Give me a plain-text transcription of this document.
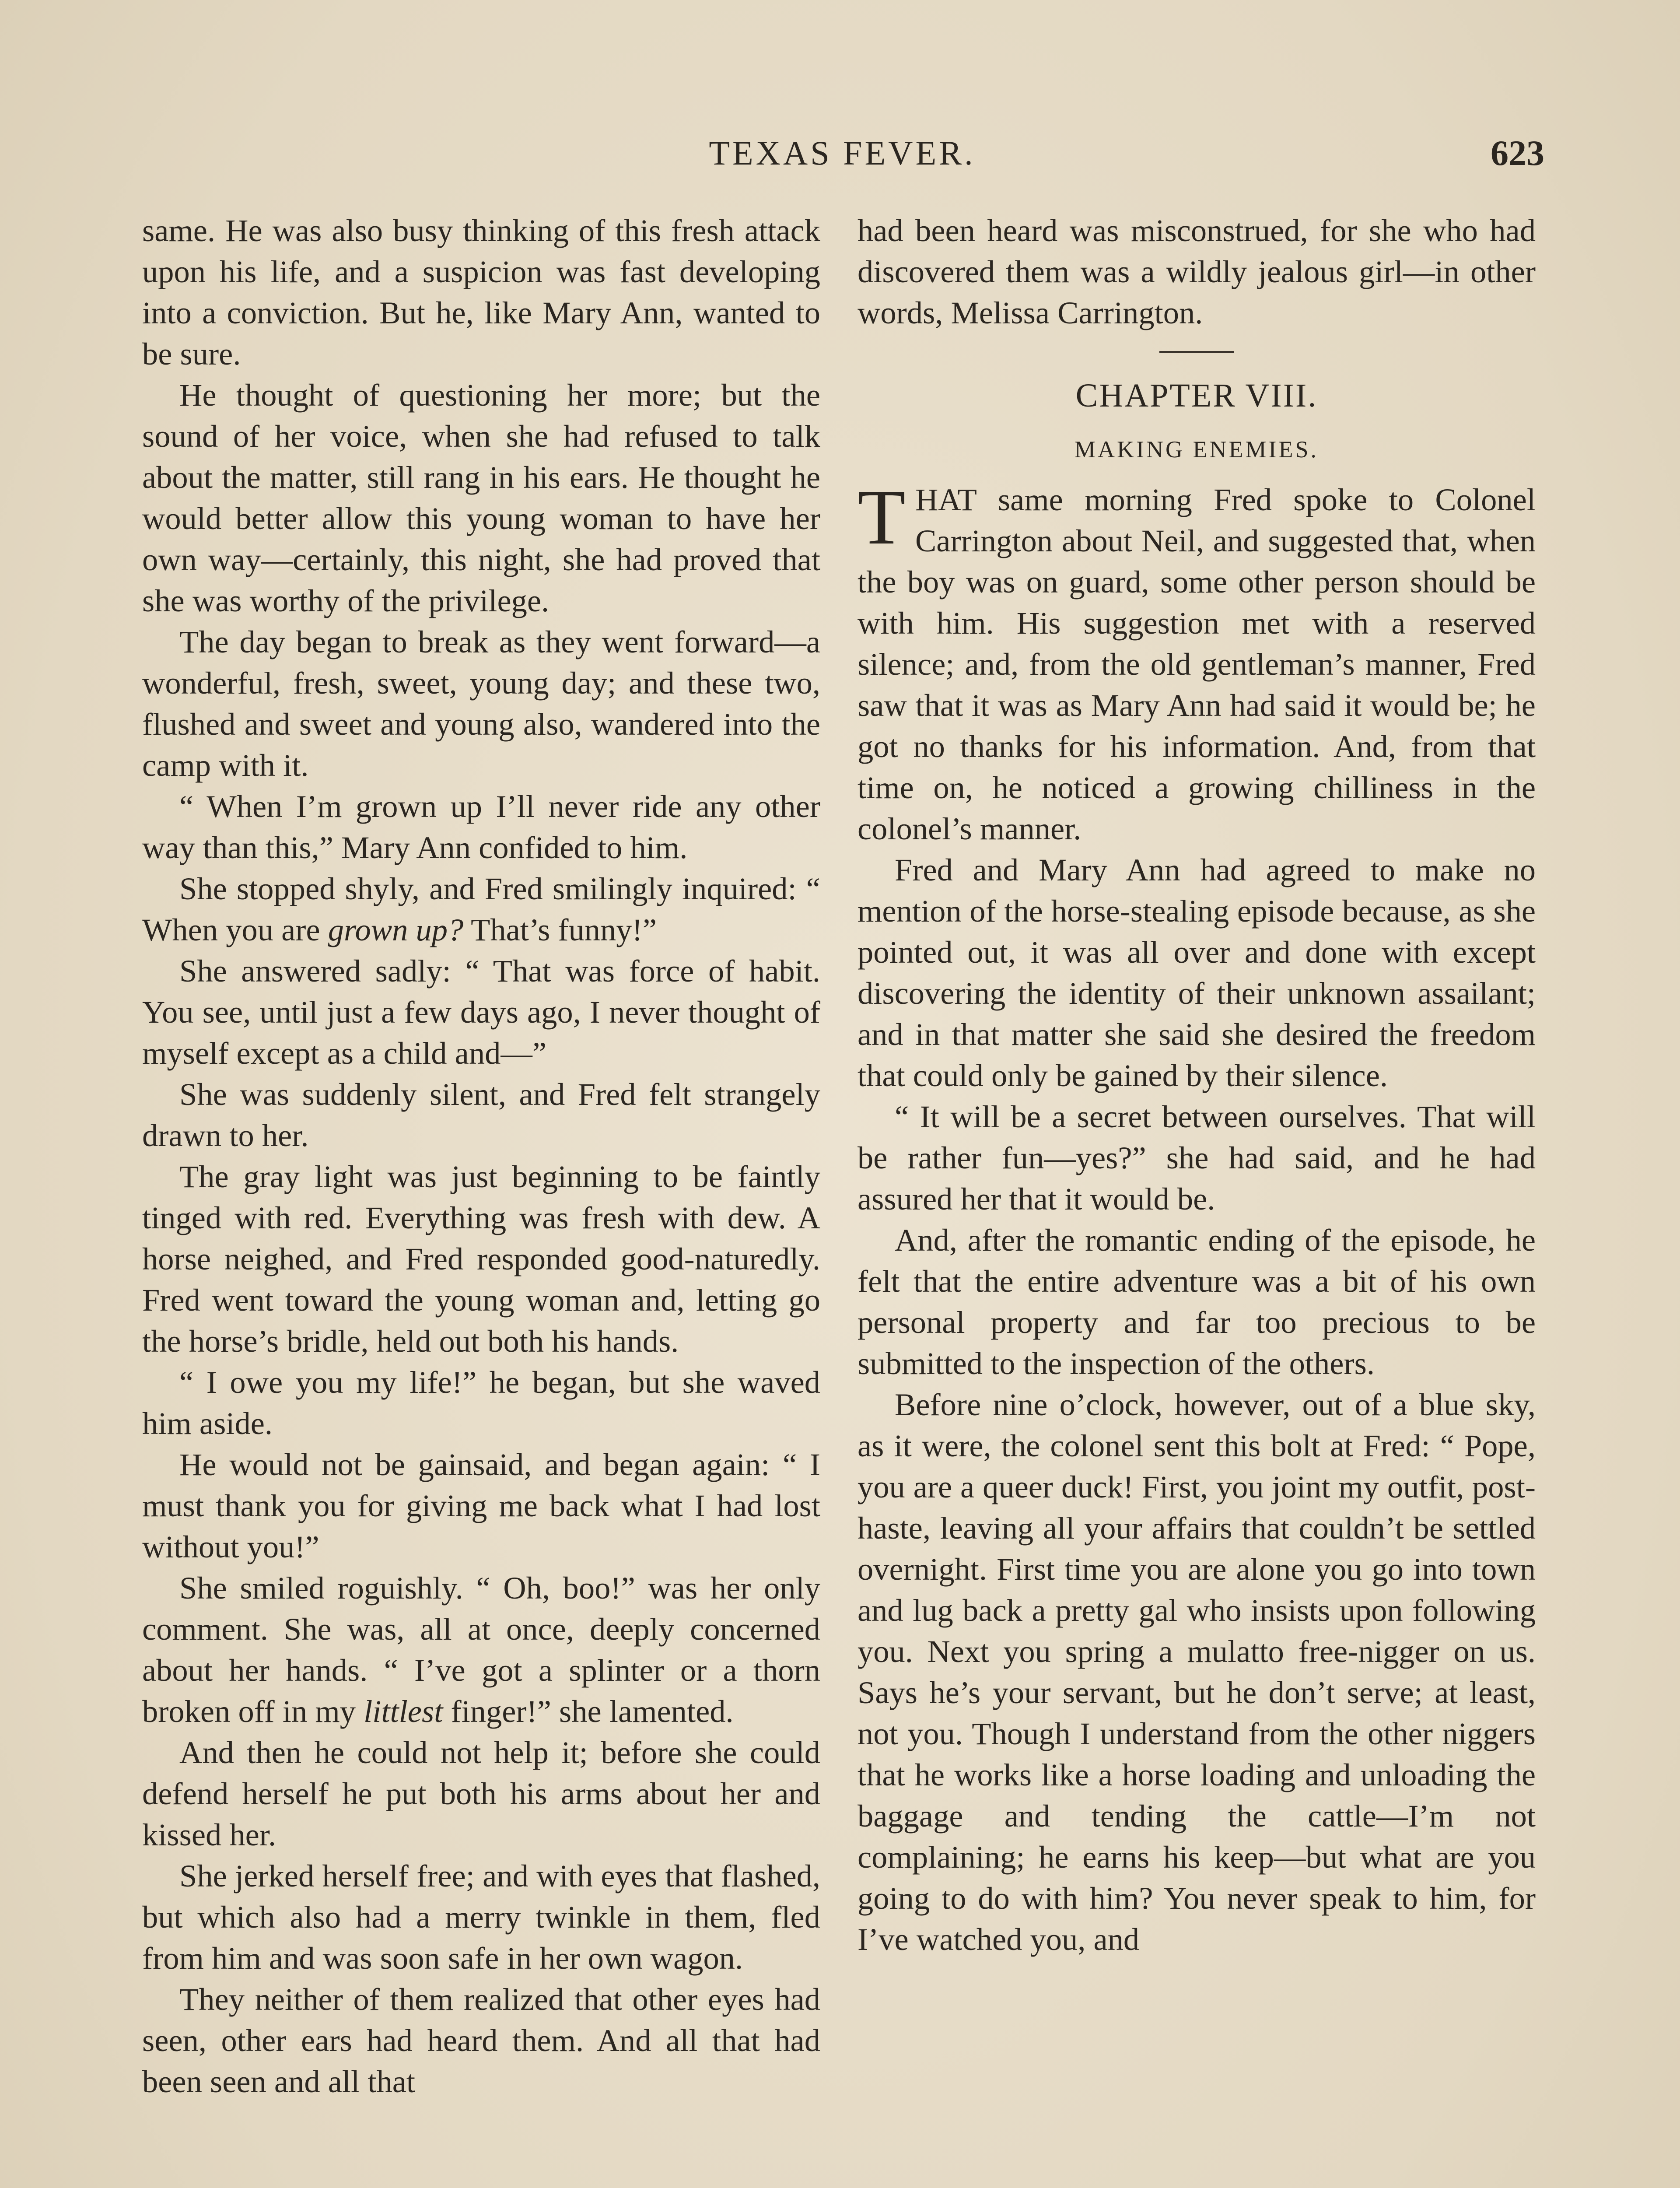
TEXAS FEVER.	623

same. He was also busy thinking of this fresh attack upon his life, and a suspicion was fast developing into a conviction. But he, like Mary Ann, wanted to be sure.

He thought of questioning her more; but the sound of her voice, when she had refused to talk about the matter, still rang in his ears. He thought he would better allow this young woman to have her own way—certainly, this night, she had proved that she was worthy of the privilege.

The day began to break as they went forward—a wonderful, fresh, sweet, young day; and these two, flushed and sweet and young also, wandered into the camp with it.

“ When I’m grown up I’ll never ride any other way than this,” Mary Ann confided to him.

She stopped shyly, and Fred smilingly inquired: “ When you are grown up? That’s funny!”

She answered sadly: “ That was force of habit. You see, until just a few days ago, I never thought of myself except as a child and—”

She was suddenly silent, and Fred felt strangely drawn to her.

The gray light was just beginning to be faintly tinged with red. Everything was fresh with dew. A horse neighed, and Fred responded good-naturedly. Fred went toward the young woman and, letting go the horse’s bridle, held out both his hands.

“ I owe you my life!” he began, but she waved him aside.

He would not be gainsaid, and began again: “ I must thank you for giving me back what I had lost without you!”

She smiled roguishly. “ Oh, boo!” was her only comment. She was, all at once, deeply concerned about her hands. “ I’ve got a splinter or a thorn broken off in my littlest finger!” she lamented.

And then he could not help it; before she could defend herself he put both his arms about her and kissed her.

She jerked herself free; and with eyes that flashed, but which also had a merry twinkle in them, fled from him and was soon safe in her own wagon.

They neither of them realized that other eyes had seen, other ears had heard them. And all that had been seen and all that

had been heard was misconstrued, for she who had discovered them was a wildly jealous girl—in other words, Melissa Carrington.

CHAPTER VIII.
MAKING ENEMIES.

THAT same morning Fred spoke to Colonel Carrington about Neil, and suggested that, when the boy was on guard, some other person should be with him. His suggestion met with a reserved silence; and, from the old gentleman’s manner, Fred saw that it was as Mary Ann had said it would be; he got no thanks for his information. And, from that time on, he noticed a growing chilliness in the colonel’s manner.

Fred and Mary Ann had agreed to make no mention of the horse-stealing episode because, as she pointed out, it was all over and done with except discovering the identity of their unknown assailant; and in that matter she said she desired the freedom that could only be gained by their silence.

“ It will be a secret between ourselves. That will be rather fun—yes?” she had said, and he had assured her that it would be.

And, after the romantic ending of the episode, he felt that the entire adventure was a bit of his own personal property and far too precious to be submitted to the inspection of the others.

Before nine o’clock, however, out of a blue sky, as it were, the colonel sent this bolt at Fred: “ Pope, you are a queer duck! First, you joint my outfit, post-haste, leaving all your affairs that couldn’t be settled overnight. First time you are alone you go into town and lug back a pretty gal who insists upon following you. Next you spring a mulatto free-nigger on us. Says he’s your servant, but he don’t serve; at least, not you. Though I understand from the other niggers that he works like a horse loading and unloading the baggage and tending the cattle—I’m not complaining; he earns his keep—but what are you going to do with him? You never speak to him, for I’ve watched you, and
